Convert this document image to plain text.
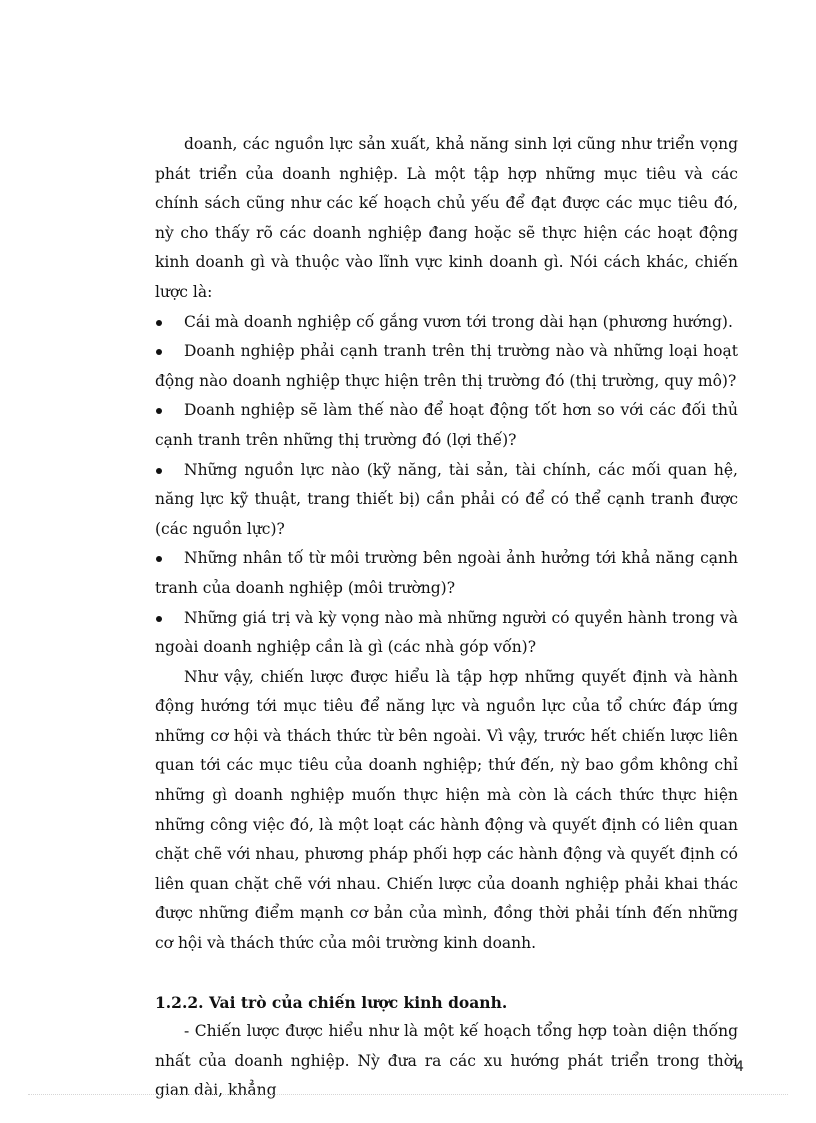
doanh, các nguồn lực sản xuất, khả năng sinh lợi cũng như triển vọng phát triển của doanh nghiệp. Là một tập hợp những mục tiêu và các chính sách cũng như các kế hoạch chủ yếu để đạt được các mục tiêu đó, nỳ cho thấy rõ các doanh nghiệp đang hoặc sẽ thực hiện các hoạt động kinh doanh gì và thuộc vào lĩnh vực kinh doanh gì. Nói cách khác, chiến lược là:

Cái mà doanh nghiệp cố gắng vươn tới trong dài hạn (phương hướng).
Doanh nghiệp phải cạnh tranh trên thị trường nào và những loại hoạt động nào doanh nghiệp thực hiện trên thị trường đó (thị trường, quy mô)?
Doanh nghiệp sẽ làm thế nào để hoạt động tốt hơn so với các đối thủ cạnh tranh trên những thị trường đó (lợi thế)?
Những nguồn lực nào (kỹ năng, tài sản, tài chính, các mối quan hệ, năng lực kỹ thuật, trang thiết bị) cần phải có để có thể cạnh tranh được (các nguồn lực)?
Những nhân tố từ môi trường bên ngoài ảnh hưởng tới khả năng cạnh tranh của doanh nghiệp (môi trường)?
Những giá trị và kỳ vọng nào mà những người có quyền hành trong và ngoài doanh nghiệp cần là gì (các nhà góp vốn)?

Như vậy, chiến lược được hiểu là tập hợp những quyết định và hành động hướng tới mục tiêu để năng lực và nguồn lực của tổ chức đáp ứng những cơ hội và thách thức từ bên ngoài. Vì vậy, trước hết chiến lược liên quan tới các mục tiêu của doanh nghiệp; thứ đến, nỳ bao gồm không chỉ những gì doanh nghiệp muốn thực hiện mà còn là cách thức thực hiện những công việc đó, là một loạt các hành động và quyết định có liên quan chặt chẽ với nhau, phương pháp phối hợp các hành động và quyết định có liên quan chặt chẽ với nhau. Chiến lược của doanh nghiệp phải khai thác được những điểm mạnh cơ bản của mình, đồng thời phải tính đến những cơ hội và thách thức của môi trường kinh doanh.

1.2.2. Vai trò của chiến lược kinh doanh.

- Chiến lược được hiểu như là một kế hoạch tổng hợp toàn diện thống nhất của doanh nghiệp. Nỳ đưa ra các xu hướng phát triển trong thời gian dài, khẳng

4
